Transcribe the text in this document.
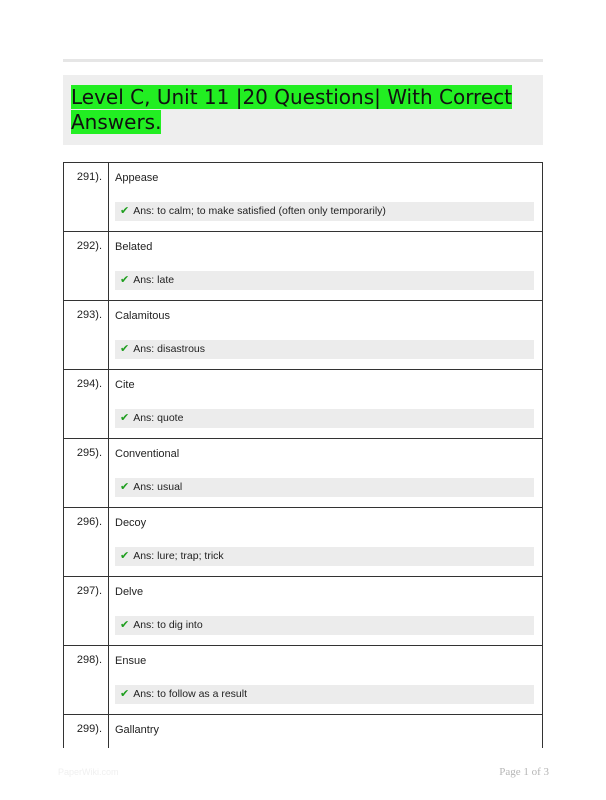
Level C, Unit 11 |20 Questions| With Correct
Answers.
291).	Appease
✔ Ans: to calm; to make satisfied (often only temporarily)
292).	Belated
✔ Ans: late
293).	Calamitous
✔ Ans: disastrous
294).	Cite
✔ Ans: quote
295).	Conventional
✔ Ans: usual
296).	Decoy
✔ Ans: lure; trap; trick
297).	Delve
✔ Ans: to dig into
298).	Ensue
✔ Ans: to follow as a result
299).	Gallantry
PaperWiki.com	Page 1 of 3
